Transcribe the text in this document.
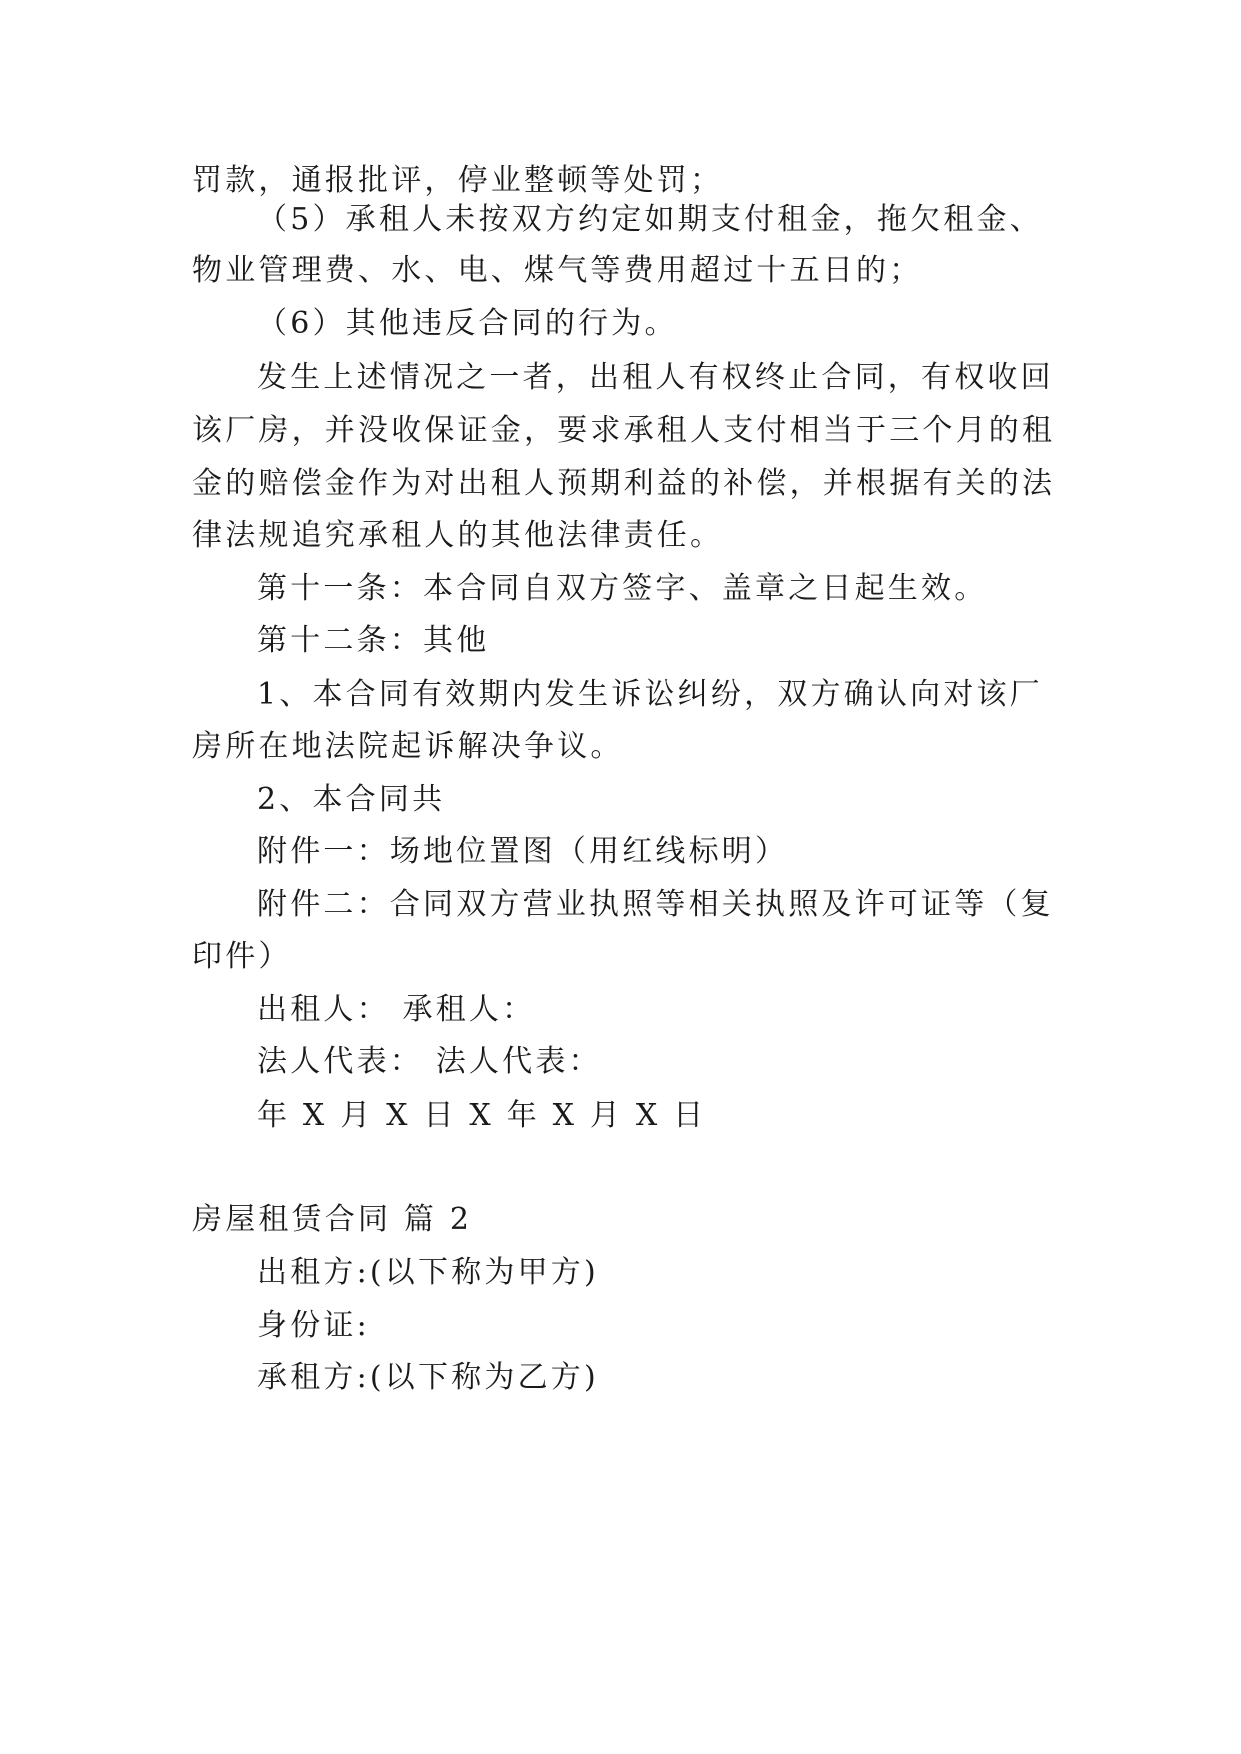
罚款，通报批评，停业整顿等处罚；
（5）承租人未按双方约定如期支付租金，拖欠租金、
物业管理费、水、电、煤气等费用超过十五日的；
（6）其他违反合同的行为。
发生上述情况之一者，出租人有权终止合同，有权收回
该厂房，并没收保证金，要求承租人支付相当于三个月的租
金的赔偿金作为对出租人预期利益的补偿，并根据有关的法
律法规追究承租人的其他法律责任。
第十一条：本合同自双方签字、盖章之日起生效。
第十二条：其他
1、本合同有效期内发生诉讼纠纷，双方确认向对该厂
房所在地法院起诉解决争议。
2、本合同共
附件一：场地位置图（用红线标明）
附件二：合同双方营业执照等相关执照及许可证等（复
印件）
出租人： 承租人：
法人代表： 法人代表：
年 X 月 X 日 X 年 X 月 X 日
房屋租赁合同 篇 2
出租方:(以下称为甲方)
身份证:
承租方:(以下称为乙方)
